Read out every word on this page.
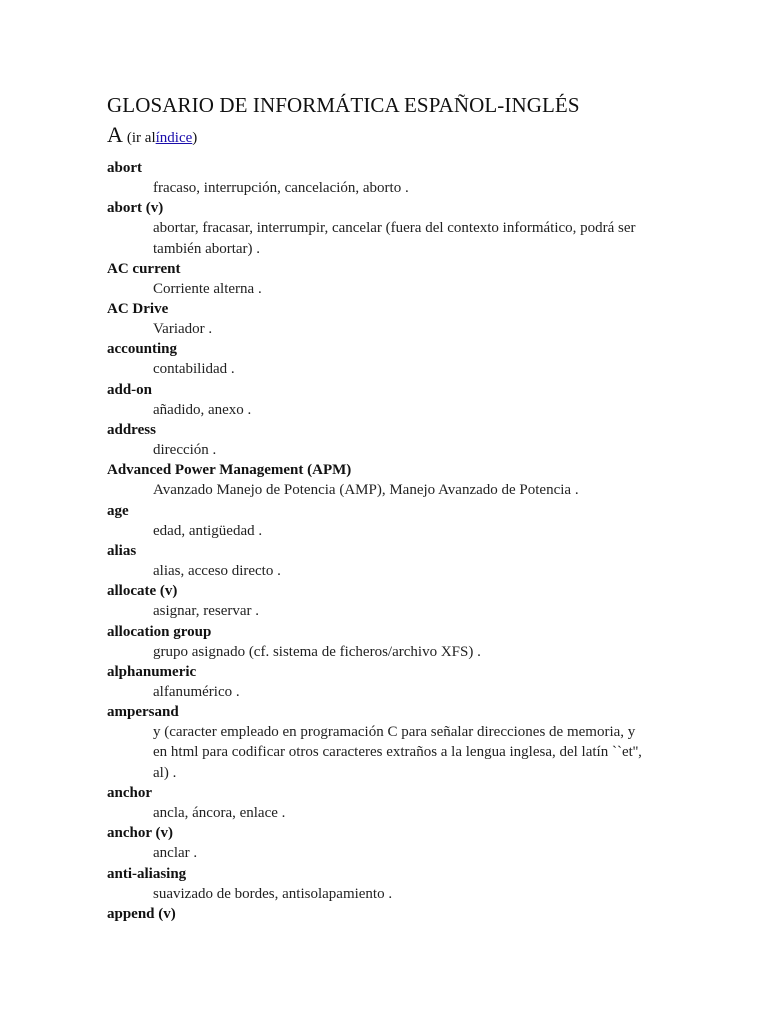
GLOSARIO DE INFORMÁTICA ESPAÑOL-INGLÉS
A (ir alíndice)
abort
fracaso, interrupción, cancelación, aborto .
abort (v)
abortar, fracasar, interrumpir, cancelar (fuera del contexto informático, podrá ser también abortar) .
AC current
Corriente alterna .
AC Drive
Variador .
accounting
contabilidad .
add-on
añadido, anexo .
address
dirección .
Advanced Power Management (APM)
Avanzado Manejo de Potencia (AMP), Manejo Avanzado de Potencia .
age
edad, antigüedad .
alias
alias, acceso directo .
allocate (v)
asignar, reservar .
allocation group
grupo asignado (cf. sistema de ficheros/archivo XFS) .
alphanumeric
alfanumérico .
ampersand
y (caracter empleado en programación C para señalar direcciones de memoria, y en html para codificar otros caracteres extraños a la lengua inglesa, del latín ``et'', al) .
anchor
ancla, áncora, enlace .
anchor (v)
anclar .
anti-aliasing
suavizado de bordes, antisolapamiento .
append (v)
